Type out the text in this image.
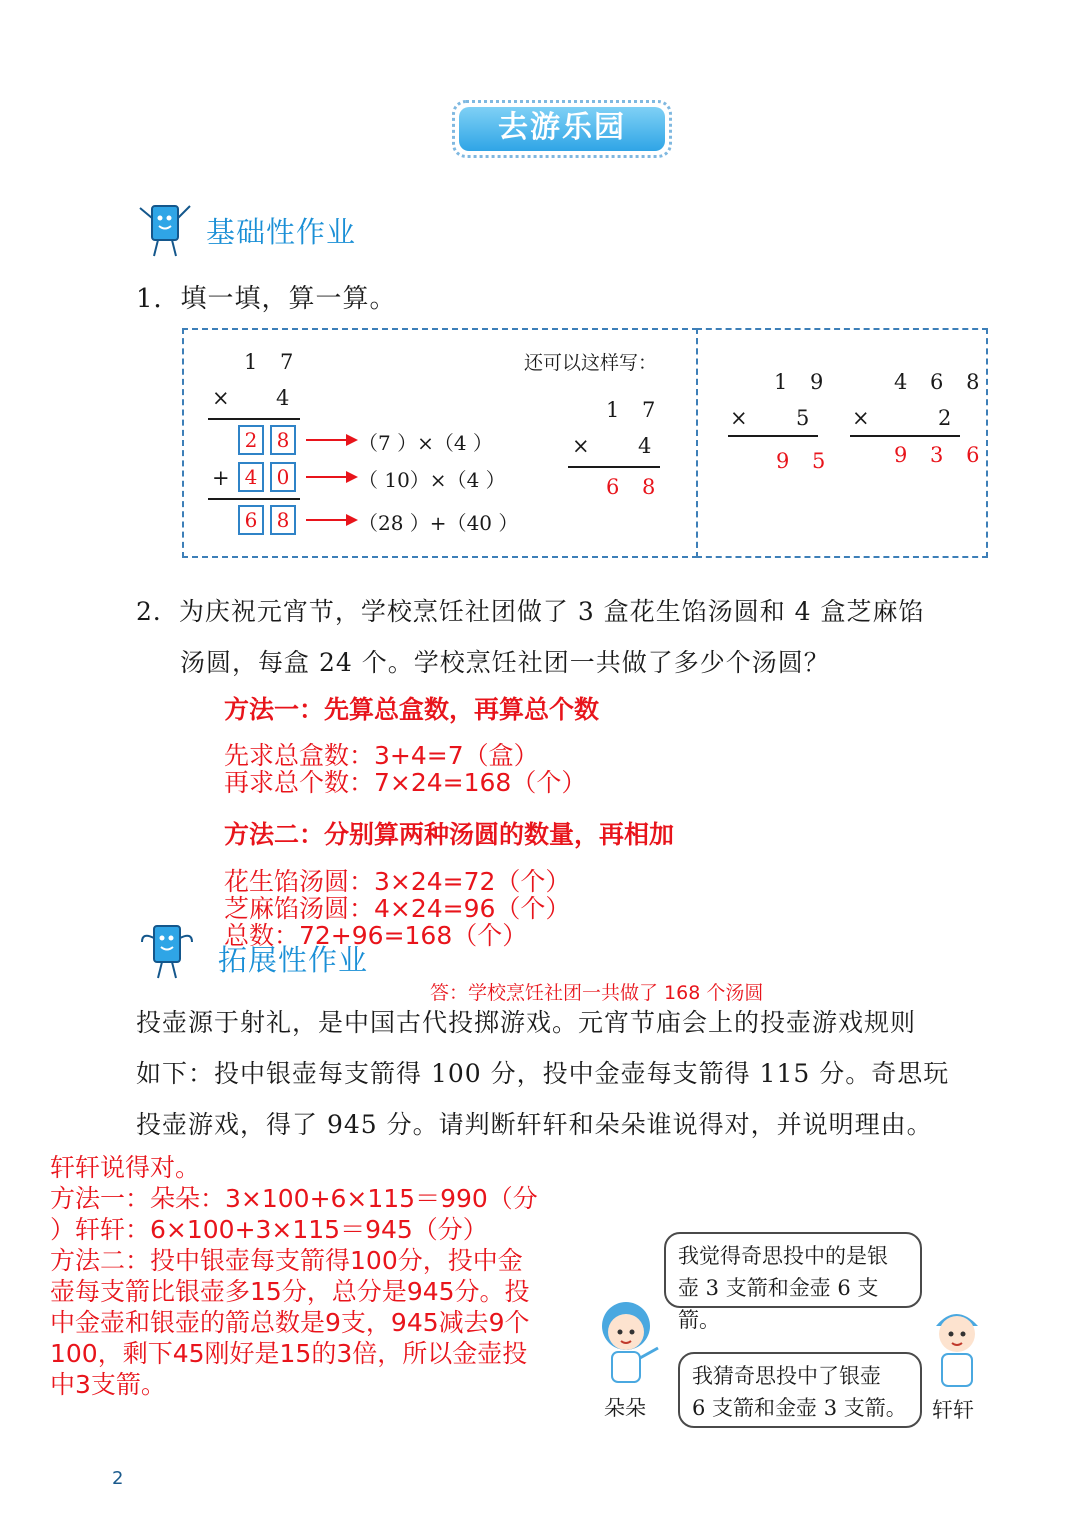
去游乐园
基础性作业
1．填一填，算一算。
1 7
× 4
2 8
+ 4 0
6 8
（7 ）×（4 ）
（ 10）×（4 ）
（28 ）+（40 ）
还可以这样写：
1 7
× 4
6 8
1 9
× 5
9 5
4 6 8
×	2
9 3 6
2．为庆祝元宵节，学校烹饪社团做了 3 盒花生馅汤圆和 4 盒芝麻馅
汤圆，每盒 24 个。学校烹饪社团一共做了多少个汤圆？
方法一：先算总盒数，再算总个数
先求总盒数：3+4=7（盒）
再求总个数：7×24=168（个）
方法二：分别算两种汤圆的数量，再相加
花生馅汤圆：3×24=72（个）
芝麻馅汤圆：4×24=96（个）
拓展性作业
总数：72+96=168（个）
答：学校烹饪社团一共做了 168 个汤圆
投壶源于射礼，是中国古代投掷游戏。元宵节庙会上的投壶游戏规则
如下：投中银壶每支箭得 100 分，投中金壶每支箭得 115 分。奇思玩
投壶游戏，得了 945 分。请判断轩轩和朵朵谁说得对，并说明理由。
轩轩说得对。
方法一：朵朵：3×100+6×115＝990（分
）轩轩：6×100+3×115＝945（分）
方法二：投中银壶每支箭得100分，投中金
壶每支箭比银壶多15分，总分是945分。投
中金壶和银壶的箭总数是9支，945减去9个
100，剩下45刚好是15的3倍，所以金壶投
中3支箭。
我觉得奇思投中的是银
壶 3 支箭和金壶 6 支箭。
我猜奇思投中了银壶
6 支箭和金壶 3 支箭。
朵朵	轩轩
2
